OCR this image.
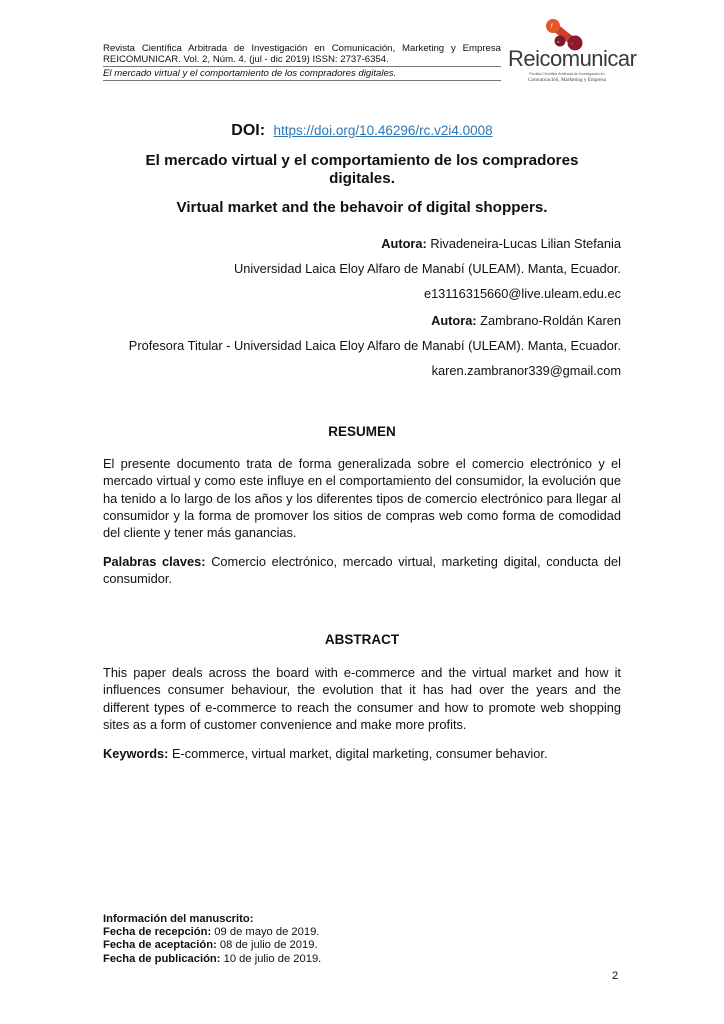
Revista Científica Arbitrada de Investigación en Comunicación, Marketing y Empresa
REICOMUNICAR. Vol. 2, Núm. 4. (jul - dic 2019) ISSN: 2737-6354.
El mercado virtual y el comportamiento de los compradores digitales.
f
••	~
Reicomunicar
Revista Científica Arbitrada de Investigación en
Comunicación, Marketing y Empresa
DOI: https://doi.org/10.46296/rc.v2i4.0008
El mercado virtual y el comportamiento de los compradores digitales.
Virtual market and the behavoir of digital shoppers.
Autora: Rivadeneira-Lucas Lilian Stefania
Universidad Laica Eloy Alfaro de Manabí (ULEAM). Manta, Ecuador.
e13116315660@live.uleam.edu.ec
Autora: Zambrano-Roldán Karen
Profesora Titular - Universidad Laica Eloy Alfaro de Manabí (ULEAM). Manta, Ecuador.
karen.zambranor339@gmail.com
RESUMEN
El presente documento trata de forma generalizada sobre el comercio electrónico y el mercado virtual y como este influye en el comportamiento del consumidor, la evolución que ha tenido a lo largo de los años y los diferentes tipos de comercio electrónico para llegar al consumidor y la forma de promover los sitios de compras web como forma de comodidad del cliente y tener más ganancias.
Palabras claves: Comercio electrónico, mercado virtual, marketing digital, conducta del consumidor.
ABSTRACT
This paper deals across the board with e-commerce and the virtual market and how it influences consumer behaviour, the evolution that it has had over the years and the different types of e-commerce to reach the consumer and how to promote web shopping sites as a form of customer convenience and make more profits.
Keywords: E-commerce, virtual market, digital marketing, consumer behavior.
Información del manuscrito:
Fecha de recepción: 09 de mayo de 2019.
Fecha de aceptación: 08 de julio de 2019.
Fecha de publicación: 10 de julio de 2019.
2
